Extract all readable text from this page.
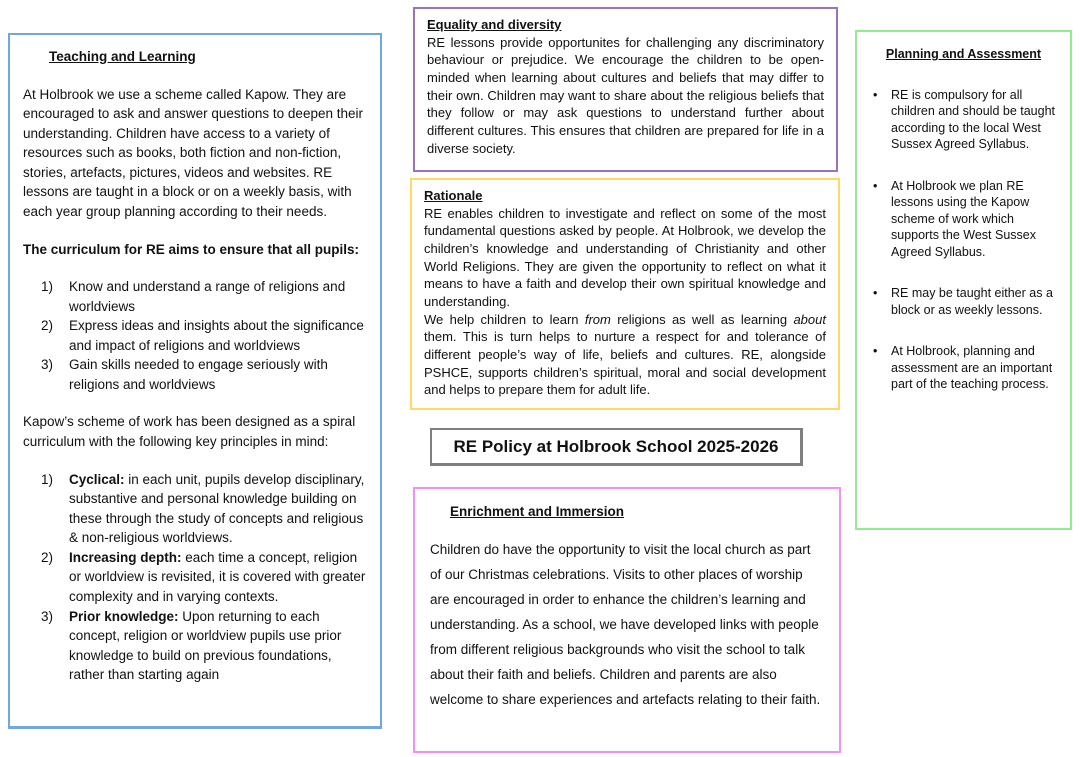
Teaching and Learning

At Holbrook we use a scheme called Kapow. They are encouraged to ask and answer questions to deepen their understanding. Children have access to a variety of resources such as books, both fiction and non-fiction, stories, artefacts, pictures, videos and websites. RE lessons are taught in a block or on a weekly basis, with each year group planning according to their needs.

The curriculum for RE aims to ensure that all pupils:

Know and understand a range of religions and worldviews
Express ideas and insights about the significance and impact of religions and worldviews
Gain skills needed to engage seriously with religions and worldviews

Kapow’s scheme of work has been designed as a spiral curriculum with the following key principles in mind:

Cyclical: in each unit, pupils develop disciplinary, substantive and personal knowledge building on these through the study of concepts and religious & non-religious worldviews.
Increasing depth: each time a concept, religion or worldview is revisited, it is covered with greater complexity and in varying contexts.
Prior knowledge: Upon returning to each concept, religion or worldview pupils use prior knowledge to build on previous foundations, rather than starting again
Equality and diversity

RE lessons provide opportunites for challenging any discriminatory behaviour or prejudice. We encourage the children to be open-minded when learning about cultures and beliefs that may differ to their own. Children may want to share about the religious beliefs that they follow or may ask questions to understand further about different cultures. This ensures that children are prepared for life in a diverse society.

Rationale

RE enables children to investigate and reflect on some of the most fundamental questions asked by people. At Holbrook, we develop the children’s knowledge and understanding of Christianity and other World Religions. They are given the opportunity to reflect on what it means to have a faith and develop their own spiritual knowledge and understanding.

We help children to learn from religions as well as learning about them. This is turn helps to nurture a respect for and tolerance of different people’s way of life, beliefs and cultures. RE, alongside PSHCE, supports children’s spiritual, moral and social development and helps to prepare them for adult life.

RE Policy at Holbrook School 2025-2026
Enrichment and Immersion

Children do have the opportunity to visit the local church as part of our Christmas celebrations. Visits to other places of worship are encouraged in order to enhance the children’s learning and understanding. As a school, we have developed links with people from different religious backgrounds who visit the school to talk about their faith and beliefs. Children and parents are also welcome to share experiences and artefacts relating to their faith.

Planning and Assessment
• RE is compulsory for all children and should be taught according to the local West Sussex Agreed Syllabus.
• At Holbrook we plan RE lessons using the Kapow scheme of work which supports the West Sussex Agreed Syllabus.
• RE may be taught either as a block or as weekly lessons.
• At Holbrook, planning and assessment are an important part of the teaching process.
